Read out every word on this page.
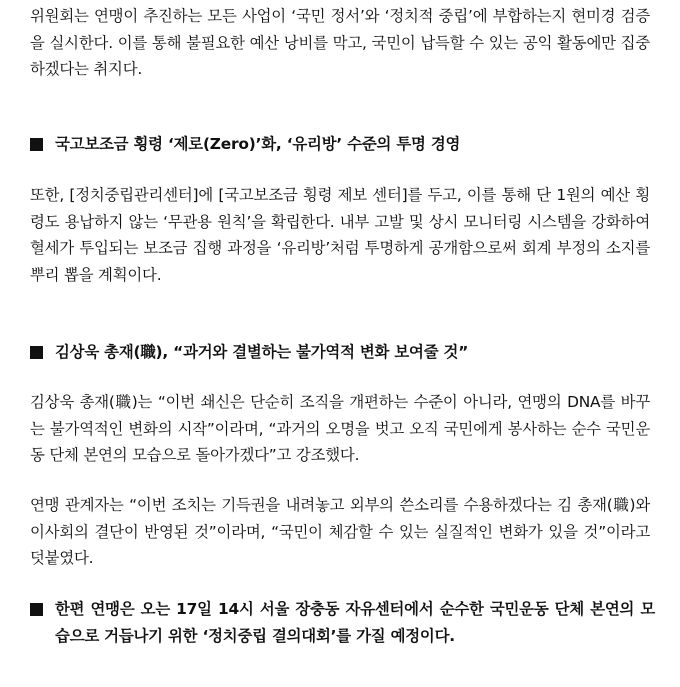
위원회는 연맹이 추진하는 모든 사업이 ‘국민 정서’와 ‘정치적 중립’에 부합하는지 현미경 검증을 실시한다. 이를 통해 불필요한 예산 낭비를 막고, 국민이 납득할 수 있는 공익 활동에만 집중하겠다는 취지다.

국고보조금 횡령 ‘제로(Zero)’화, ‘유리방’ 수준의 투명 경영

또한, [정치중립관리센터]에 [국고보조금 횡령 제보 센터]를 두고, 이를 통해 단 1원의 예산 횡령도 용납하지 않는 ‘무관용 원칙’을 확립한다. 내부 고발 및 상시 모니터링 시스템을 강화하여 혈세가 투입되는 보조금 집행 과정을 ‘유리방’처럼 투명하게 공개함으로써 회계 부정의 소지를 뿌리 뽑을 계획이다.

김상욱 총재(職), “과거와 결별하는 불가역적 변화 보여줄 것”

김상욱 총재(職)는 “이번 쇄신은 단순히 조직을 개편하는 수준이 아니라, 연맹의 DNA를 바꾸는 불가역적인 변화의 시작”이라며, “과거의 오명을 벗고 오직 국민에게 봉사하는 순수 국민운동 단체 본연의 모습으로 돌아가겠다”고 강조했다.

연맹 관계자는 “이번 조치는 기득권을 내려놓고 외부의 쓴소리를 수용하겠다는 김 총재(職)와 이사회의 결단이 반영된 것”이라며, “국민이 체감할 수 있는 실질적인 변화가 있을 것”이라고 덧붙였다.

한편 연맹은 오는 17일 14시 서울 장충동 자유센터에서 순수한 국민운동 단체 본연의 모습으로 거듭나기 위한 ‘정치중립 결의대회’를 가질 예정이다.
